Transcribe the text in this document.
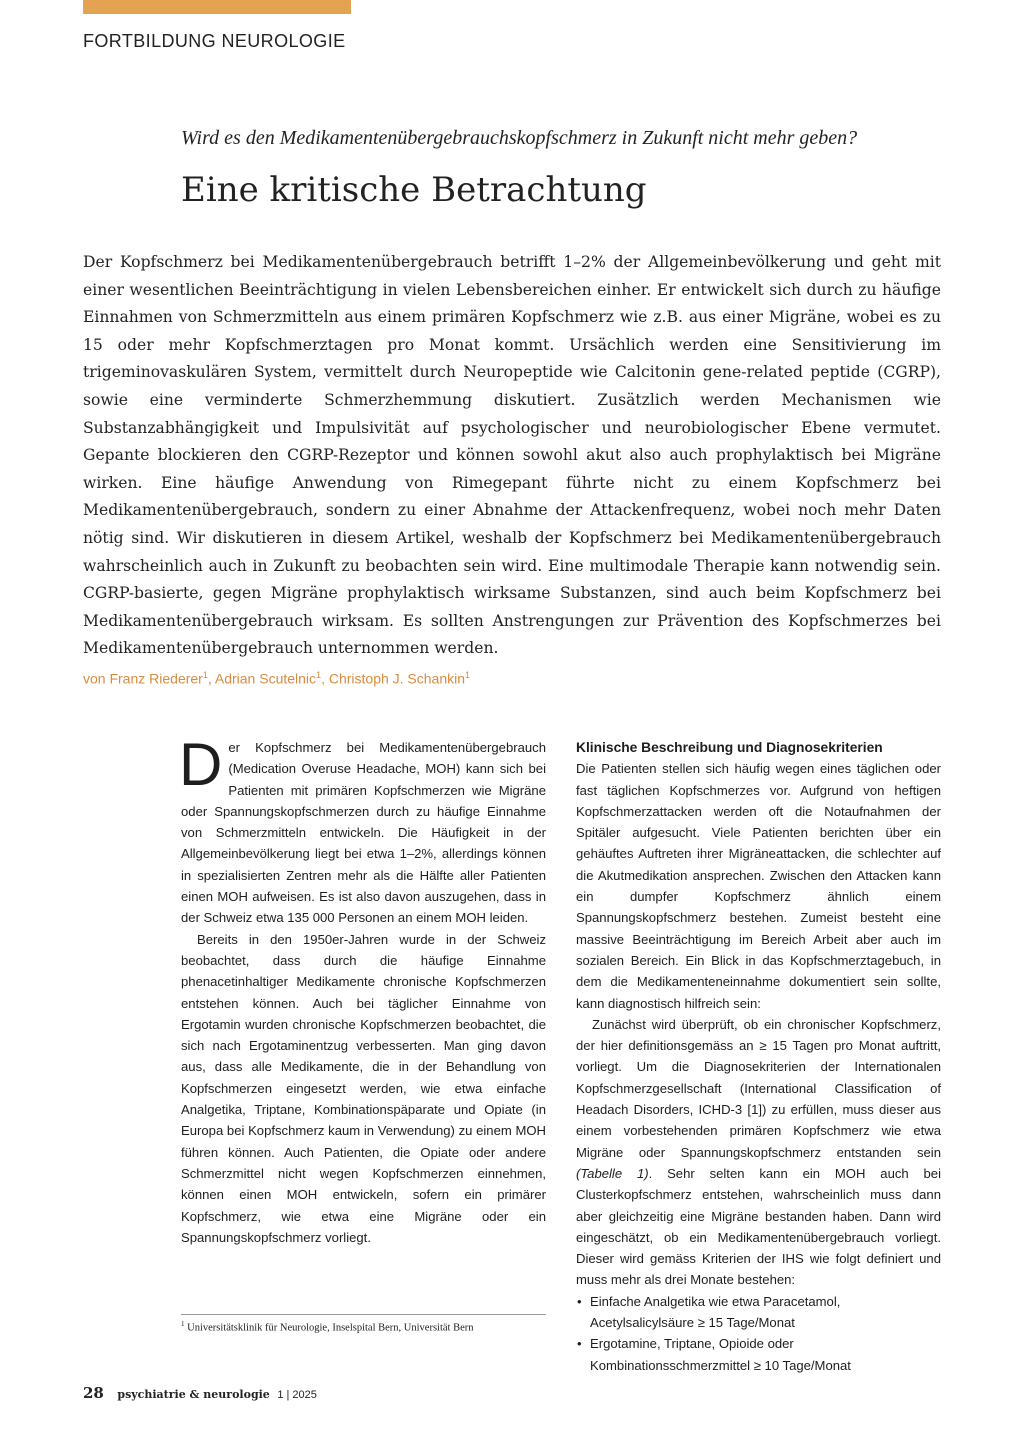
FORTBILDUNG NEUROLOGIE
Wird es den Medikamentenübergebrauchskopfschmerz in Zukunft nicht mehr geben?
Eine kritische Betrachtung

Der Kopfschmerz bei Medikamentenübergebrauch betrifft 1–2% der Allgemeinbevölkerung und geht mit einer wesentlichen Beeinträchtigung in vielen Lebensbereichen einher. Er entwickelt sich durch zu häufige Einnahmen von Schmerzmitteln aus einem primären Kopfschmerz wie z.B. aus einer Migräne, wobei es zu 15 oder mehr Kopfschmerztagen pro Monat kommt. Ursächlich werden eine Sensitivierung im trigeminovaskulären System, vermittelt durch Neuropeptide wie Calcitonin gene-related peptide (CGRP), sowie eine verminderte Schmerzhemmung diskutiert. Zusätzlich werden Mechanismen wie Substanzabhängigkeit und Impulsivität auf psychologischer und neurobiologischer Ebene vermutet. Gepante blockieren den CGRP-Rezeptor und können sowohl akut also auch prophylaktisch bei Migräne wirken. Eine häufige Anwendung von Rimegepant führte nicht zu einem Kopfschmerz bei Medikamentenübergebrauch, sondern zu einer Abnahme der Attackenfrequenz, wobei noch mehr Daten nötig sind. Wir diskutieren in diesem Artikel, weshalb der Kopfschmerz bei Medikamentenübergebrauch wahrscheinlich auch in Zukunft zu beobachten sein wird. Eine multimodale Therapie kann notwendig sein. CGRP-basierte, gegen Migräne prophylaktisch wirksame Substanzen, sind auch beim Kopfschmerz bei Medikamentenübergebrauch wirksam. Es sollten Anstrengungen zur Prävention des Kopfschmerzes bei Medikamentenübergebrauch unternommen werden.

von Franz Riederer$^1$, Adrian Scutelnic$^1$, Christoph J. Schankin$^1$

Der Kopfschmerz bei Medikamentenübergebrauch (Medication Overuse Headache, MOH) kann sich bei Patienten mit primären Kopfschmerzen wie Migräne oder Spannungskopfschmerzen durch zu häufige Einnahme von Schmerzmitteln entwickeln. Die Häufigkeit in der Allgemeinbevölkerung liegt bei etwa 1–2%, allerdings können in spezialisierten Zentren mehr als die Hälfte aller Patienten einen MOH aufweisen. Es ist also davon auszugehen, dass in der Schweiz etwa 135 000 Personen an einem MOH leiden.

Bereits in den 1950er-Jahren wurde in der Schweiz beobachtet, dass durch die häufige Einnahme phenacetinhaltiger Medikamente chronische Kopfschmerzen entstehen können. Auch bei täglicher Einnahme von Ergotamin wurden chronische Kopfschmerzen beobachtet, die sich nach Ergotaminentzug verbesserten. Man ging davon aus, dass alle Medikamente, die in der Behandlung von Kopfschmerzen eingesetzt werden, wie etwa einfache Analgetika, Triptane, Kombinationspäparate und Opiate (in Europa bei Kopfschmerz kaum in Verwendung) zu einem MOH führen können. Auch Patienten, die Opiate oder andere Schmerzmittel nicht wegen Kopfschmerzen einnehmen, können einen MOH entwickeln, sofern ein primärer Kopfschmerz, wie etwa eine Migräne oder ein Spannungskopfschmerz vorliegt.

Klinische Beschreibung und Diagnosekriterien

Die Patienten stellen sich häufig wegen eines täglichen oder fast täglichen Kopfschmerzes vor. Aufgrund von heftigen Kopfschmerzattacken werden oft die Notaufnahmen der Spitäler aufgesucht. Viele Patienten berichten über ein gehäuftes Auftreten ihrer Migräneattacken, die schlechter auf die Akutmedikation ansprechen. Zwischen den Attacken kann ein dumpfer Kopfschmerz ähnlich einem Spannungskopfschmerz bestehen. Zumeist besteht eine massive Beeinträchtigung im Bereich Arbeit aber auch im sozialen Bereich. Ein Blick in das Kopfschmerztagebuch, in dem die Medikamenteneinnahme dokumentiert sein sollte, kann diagnostisch hilfreich sein:

Zunächst wird überprüft, ob ein chronischer Kopfschmerz, der hier definitionsgemäss an ≥ 15 Tagen pro Monat auftritt, vorliegt. Um die Diagnosekriterien der Internationalen Kopfschmerzgesellschaft (International Classification of Headach Disorders, ICHD-3 [1]) zu erfüllen, muss dieser aus einem vorbestehenden primären Kopfschmerz wie etwa Migräne oder Spannungskopfschmerz entstanden sein (Tabelle 1). Sehr selten kann ein MOH auch bei Clusterkopfschmerz entstehen, wahrscheinlich muss dann aber gleichzeitig eine Migräne bestanden haben. Dann wird eingeschätzt, ob ein Medikamentenübergebrauch vorliegt. Dieser wird gemäss Kriterien der IHS wie folgt definiert und muss mehr als drei Monate bestehen:

• Einfache Analgetika wie etwa Paracetamol, Acetylsalicylsäure ≥ 15 Tage/Monat
• Ergotamine, Triptane, Opioide oder Kombinationsschmerzmittel ≥ 10 Tage/Monat
$^1$ Universitätsklinik für Neurologie, Inselspital Bern, Universität Bern
28 psychiatrie & neurologie 1 | 2025
